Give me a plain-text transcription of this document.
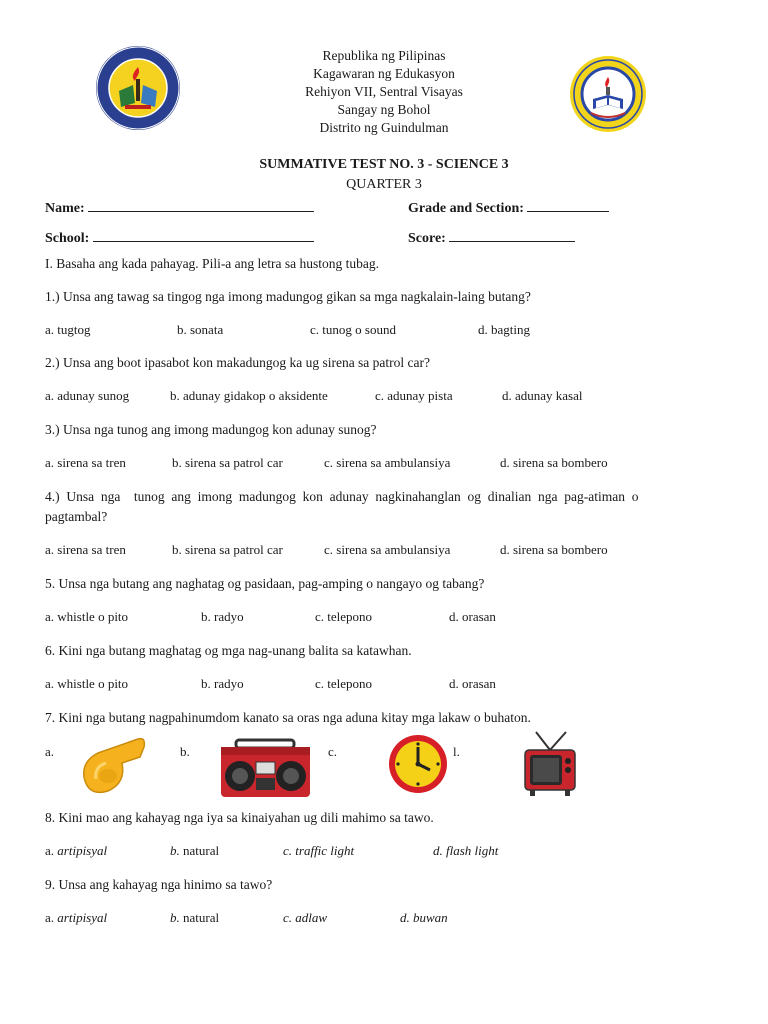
Republika ng Pilipinas
Kagawaran ng Edukasyon
Rehiyon VII, Sentral Visayas
Sangay ng Bohol
Distrito ng Guindulman
SUMMATIVE TEST NO. 3 - SCIENCE 3
QUARTER 3
Name:	Grade and Section:
School:	Score:
I. Basaha ang kada pahayag. Pili-a ang letra sa hustong tubag.
1.) Unsa ang tawag sa tingog nga imong madungog gikan sa mga nagkalain-laing butang?
a. tugtog	b. sonata	c. tunog o sound	d. bagting
2.) Unsa ang boot ipasabot kon makadungog ka ug sirena sa patrol car?
a. adunay sunog	b. adunay gidakop o aksidente	c. adunay pista	d. adunay kasal
3.) Unsa nga tunog ang imong madungog kon adunay sunog?
a. sirena sa tren	b. sirena sa patrol car	c. sirena sa ambulansiya	d. sirena sa bombero
4.)  Unsa  nga    tunog  ang  imong  madungog  kon  adunay  nagkinahanglan  og  dinalian  nga  pag-atiman  o
pagtambal?
a. sirena sa tren	b. sirena sa patrol car	c. sirena sa ambulansiya	d. sirena sa bombero
5. Unsa nga butang ang naghatag og pasidaan, pag-amping o nangayo og tabang?
a. whistle o pito	b. radyo	c. telepono	d. orasan
6. Kini nga butang maghatag og mga nag-unang balita sa katawhan.
a. whistle o pito	b. radyo	c. telepono	d. orasan
7. Kini nga butang nagpahinumdom kanato sa oras nga aduna kitay mga lakaw o buhaton.
a.	b.	c.	l.
8. Kini mao ang kahayag nga iya sa kinaiyahan ug dili mahimo sa tawo.
a. artipisyal	b. natural	c. traffic light	d. flash light
9. Unsa ang kahayag nga hinimo sa tawo?
a. artipisyal	b. natural	c. adlaw	d. buwan
